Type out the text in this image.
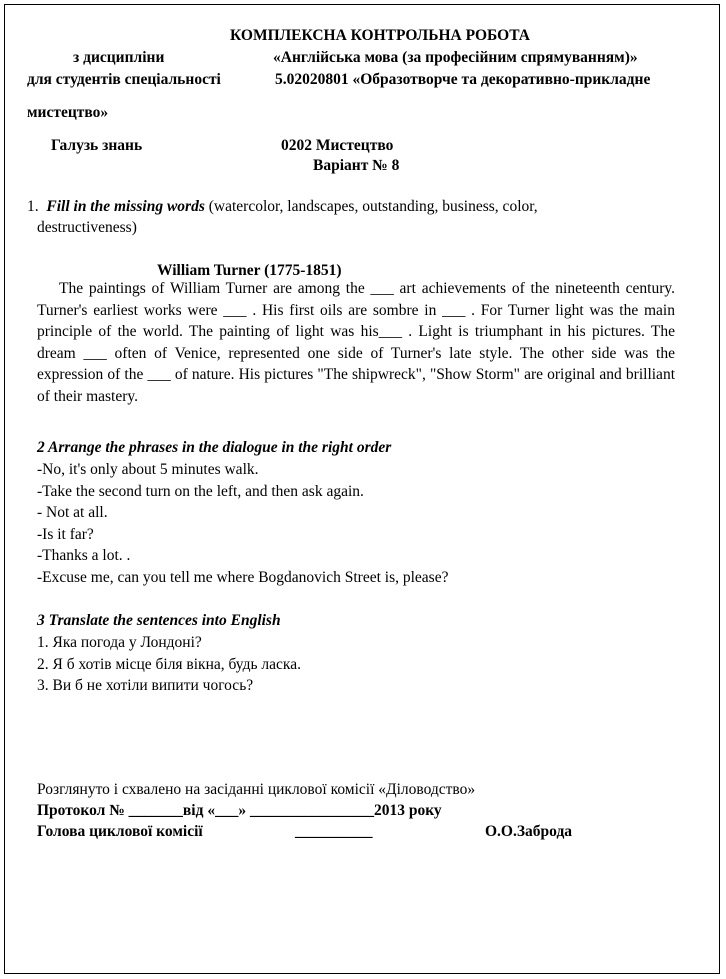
КОМПЛЕКСНА КОНТРОЛЬНА РОБОТА
з дисципліни	«Англійська мова (за професійним спрямуванням)»
для студентів спеціальності	5.02020801 «Образотворче та декоративно-прикладне
мистецтво»
Галузь знань	0202 Мистецтво
Варіант № 8
1. Fill in the missing words (watercolor, landscapes, outstanding, business, color,
destructiveness)
William Turner (1775-1851)
The paintings of William Turner are among the ___ art achievements of the nineteenth century. Turner's earliest works were ___ . His first oils are sombre in ___ . For Turner light was the main principle of the world. The painting of light was his___ . Light is triumphant in his pictures. The dream ___ often of Venice, represented one side of Turner's late style. The other side was the expression of the ___ of nature. His pictures "The shipwreck", "Show Storm" are original and brilliant of their mastery.
2 Arrange the phrases in the dialogue in the right order
-No, it's only about 5 minutes walk.
-Take the second turn on the left, and then ask again.
- Not at all.
-Is it far?
-Thanks a lot. .
-Excuse me, can you tell me where Bogdanovich Street is, please?
3 Translate the sentences into English
1. Яка погода у Лондоні?
2. Я б хотів місце біля вікна, будь ласка.
3. Ви б не хотіли випити чогось?
Розглянуто і схвалено на засіданні циклової комісії «Діловодство»
Протокол № _______від «___» ________________2013 року
Голова циклової комісії	__________	О.О.Заброда
